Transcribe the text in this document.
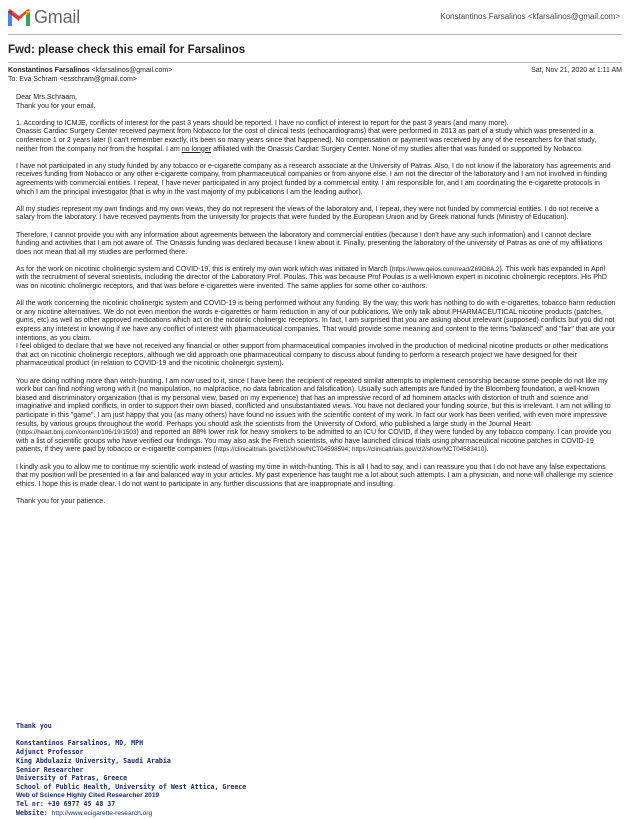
Gmail	Konstantinos Farsalinos <kfarsalinos@gmail.com>
Fwd: please check this email for Farsalinos
Konstantinos Farsalinos <kfarsalinos@gmail.com>	Sat, Nov 21, 2020 at 1:11 AM
To: Eva Schram <esschram@gmail.com>

Dear Mrs Schraam,
Thank you for your email.

1. According to ICMJE, conflicts of interest for the past 3 years should be reported. I have no conflict of interest to report for the past 3 years (and many more).
Onassis Cardiac Surgery Center received payment from Nobacco for the cost of clinical tests (echocardiograms) that were performed in 2013 as part of a study which was presented in a conference 1 or 2 years later (I can't remember exactly, it's been so many years since that happened). No compensation or payment was received by any of the researchers for that study, neither from the company nor from the hospital. I am no longer affiliated with the Onassis Cardiac Surgery Center. None of my studies after that was funded or supported by Nobacco.

I have not participated in any study funded by any tobacco or e-cigarette company as a research associate at the University of Patras. Also, I do not know if the laboratory has agreements and receives funding from Nobacco or any other e-cigarette company, from pharmaceutical companies or from anyone else. I am not the director of the laboratory and I am not involved in funding agreements with commercial entities. I repeat, I have never participated in any project funded by a commercial entity. I am responsible for, and I am coordinating the e-cigarette protocols in which I am the principal investigator (that is why in the vast majority of my publications I am the leading author).

All my studies represent my own findings and my own views, they do not represent the views of the laboratory and, I repeat, they were not funded by commercial entities. I do not receive a salary from the laboratory. I have received payments from the university for projects that were funded by the European Union and by Greek national funds (Ministry of Education).

Therefore, I cannot provide you with any information about agreements between the laboratory and commercial entities (because I don't have any such information) and I cannot declare funding and activities that I am not aware of. The Onassis funding was declared because I knew about it. Finally, presenting the laboratory of the university of Patras as one of my affiliations does not mean that all my studies are performed there.

As for the work on nicotinic cholinergic system and COVID-19, this is entirely my own work which was initiated in March (https://www.qeios.com/read/Z69O8A.2). This work has expanded in April with the recruitment of several scientists, including the director of the Laboratory Prof. Poulas. This was because Prof Poulas is a well-known expert in nicotinic cholinergic receptors. His PhD was on nicotinic cholinergic receptors, and that was before e-cigarettes were invented. The same applies for some other co-authors.

All the work concerning the nicotinic cholinergic system and COVID-19 is being performed without any funding. By the way, this work has nothing to do with e-cigarettes, tobacco harm reduction or any nicotine alternatives. We do not even mention the words e-cigarettes or harm reduction in any of our publications. We only talk about PHARMACEUTICAL nicotine products (patches, gums, etc) as well as other approved medications which act on the nicotinic cholinergic receptors. In fact, I am surprised that you are asking about irrelevant (supposed) conflicts but you did not express any interest in knowing if we have any conflict of interest with pharmaceutical companies. That would provide some meaning and content to the terms "balanced" and "fair" that are your intentions, as you claim.
I feel obliged to declare that we have not received any financial or other support from pharmaceutical companies involved in the production of medicinal nicotine products or other medications that act on nicotinic cholinergic receptors, although we did approach one pharmaceutical company to discuss about funding to perform a research project we have designed for their pharmaceutical product (in relation to COVID-19 and the nicotinic cholinergic system).

You are doing nothing more than witch-hunting. I am now used to it, since I have been the recipient of repeated similar attempts to implement censorship because some people do not like my work but can find nothing wrong with it (no manipulation, no malpractice, no data fabrication and falsification). Usually such attempts are funded by the Bloomberg foundation, a well-known biased and discriminatory organization (that is my personal view, based on my experience) that has an impressive record of ad hominem attacks with distortion of truth and science and imaginative and implied conflicts, in order to support their own biased, conflicted and unsubstantiated views. You have not declared your funding source, but this is irrelevant. I am not willing to participate in this "game". I am just happy that you (as many others) have found no issues with the scientific content of my work. In fact our work has been verified, with even more impressive results, by various groups throughout the world. Perhaps you should ask the scientists from the University of Oxford, who published a large study in the Journal Heart (https://heart.bmj.com/content/106/19/1503) and reported an 88% lower risk for heavy smokers to be admitted to an ICU for COVID, if they were funded by any tobacco company. I can provide you with a list of scientific groups who have verified our findings. You may also ask the French scientists, who have launched clinical trials using pharmaceutical nicotine patches in COVID-19 patients, if they were paid by tobacco or e-cigarette companies (https://clinicaltrials.gov/ct2/show/NCT04598594; https://clinicaltrials.gov/ct2/show/NCT04583410).

I kindly ask you to allow me to continue my scientific work instead of wasting my time in witch-hunting. This is all I had to say, and i can reassure you that I do not have any false expectations that my position will be presented in a fair and balanced way in your articles. My past experience has taught me a lot about such attempts. I am a physician, and none will challenge my science ethics. I hope this is made clear. I do not want to participate in any further discussions that are inappropriate and insulting.

Thank you for your patience.

Thank you
Konstantinos Farsalinos, MD, MPH
Adjunct Professor
King Abdulaziz University, Saudi Arabia
Senior Researcher
University of Patras, Greece
School of Public Health, University of West Attica, Greece
Web of Science Highly Cited Researcher 2019
Tel nr: +30 6977 45 48 37
Website: http://www.ecigarette-research.org
